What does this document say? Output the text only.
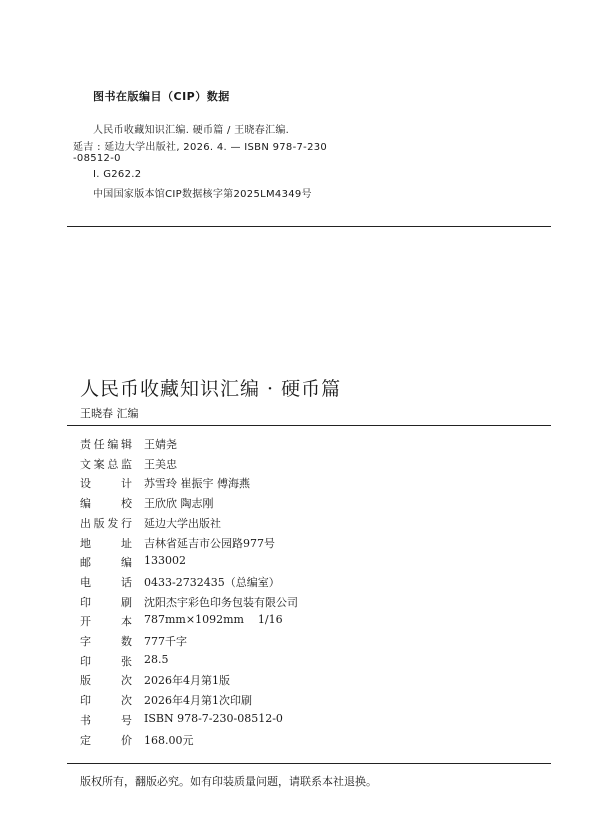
图书在版编目（CIP）数据
人民币收藏知识汇编. 硬币篇 / 王晓春汇编.
延吉 : 延边大学出版社, 2026. 4. — ISBN 978-7-230
-08512-0
Ⅰ. G262.2
中国国家版本馆CIP数据核字第2025LM4349号
人民币收藏知识汇编 · 硬币篇
王晓春 汇编
责 任 编 辑 王婧尧
文 案 总 监 王美忠
设	计 苏雪玲 崔振宇 傅海燕
编	校 王欣欣 陶志刚
出 版 发 行 延边大学出版社
地	址 吉林省延吉市公园路977号
邮	编 133002
电	话 0433-2732435（总编室）
印	刷 沈阳杰宇彩色印务包装有限公司
开	本 787mm×1092mm    1/16
字	数 777千字
印	张 28.5
版	次 2026年4月第1版
印	次 2026年4月第1次印刷
书	号 ISBN 978-7-230-08512-0
定	价 168.00元
版权所有，翻版必究。如有印装质量问题，请联系本社退换。
